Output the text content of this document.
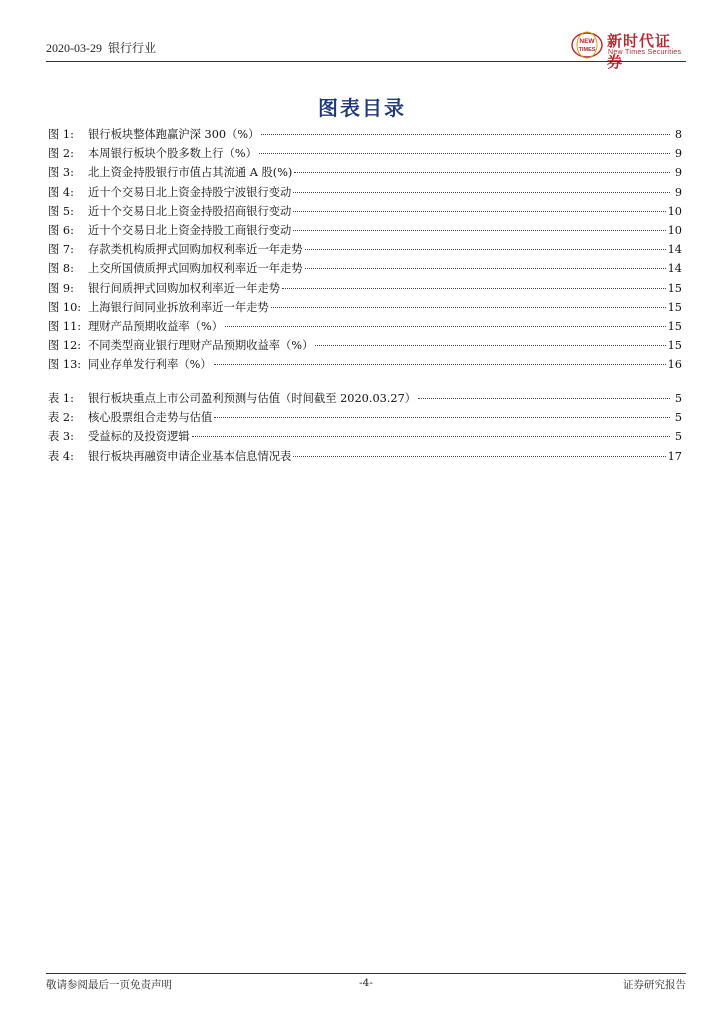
2020-03-29 银行行业	NEW
TIMES 新时代证券
New Times Securities
图表目录
图 1:	银行板块整体跑赢沪深 300（%）	8
图 2:	本周银行板块个股多数上行（%）	9
图 3:	北上资金持股银行市值占其流通 A 股(%)	9
图 4:	近十个交易日北上资金持股宁波银行变动	9
图 5:	近十个交易日北上资金持股招商银行变动	10
图 6:	近十个交易日北上资金持股工商银行变动	10
图 7:	存款类机构质押式回购加权利率近一年走势	14
图 8:	上交所国债质押式回购加权利率近一年走势	14
图 9:	银行间质押式回购加权利率近一年走势	15
图 10: 上海银行间同业拆放利率近一年走势	15
图 11: 理财产品预期收益率（%）	15
图 12: 不同类型商业银行理财产品预期收益率（%）	15
图 13: 同业存单发行利率（%）	16
表 1:	银行板块重点上市公司盈利预测与估值（时间截至 2020.03.27）	5
表 2:	核心股票组合走势与估值	5
表 3:	受益标的及投资逻辑	5
表 4:	银行板块再融资申请企业基本信息情况表	17
敬请参阅最后一页免责声明	-4-	证券研究报告
